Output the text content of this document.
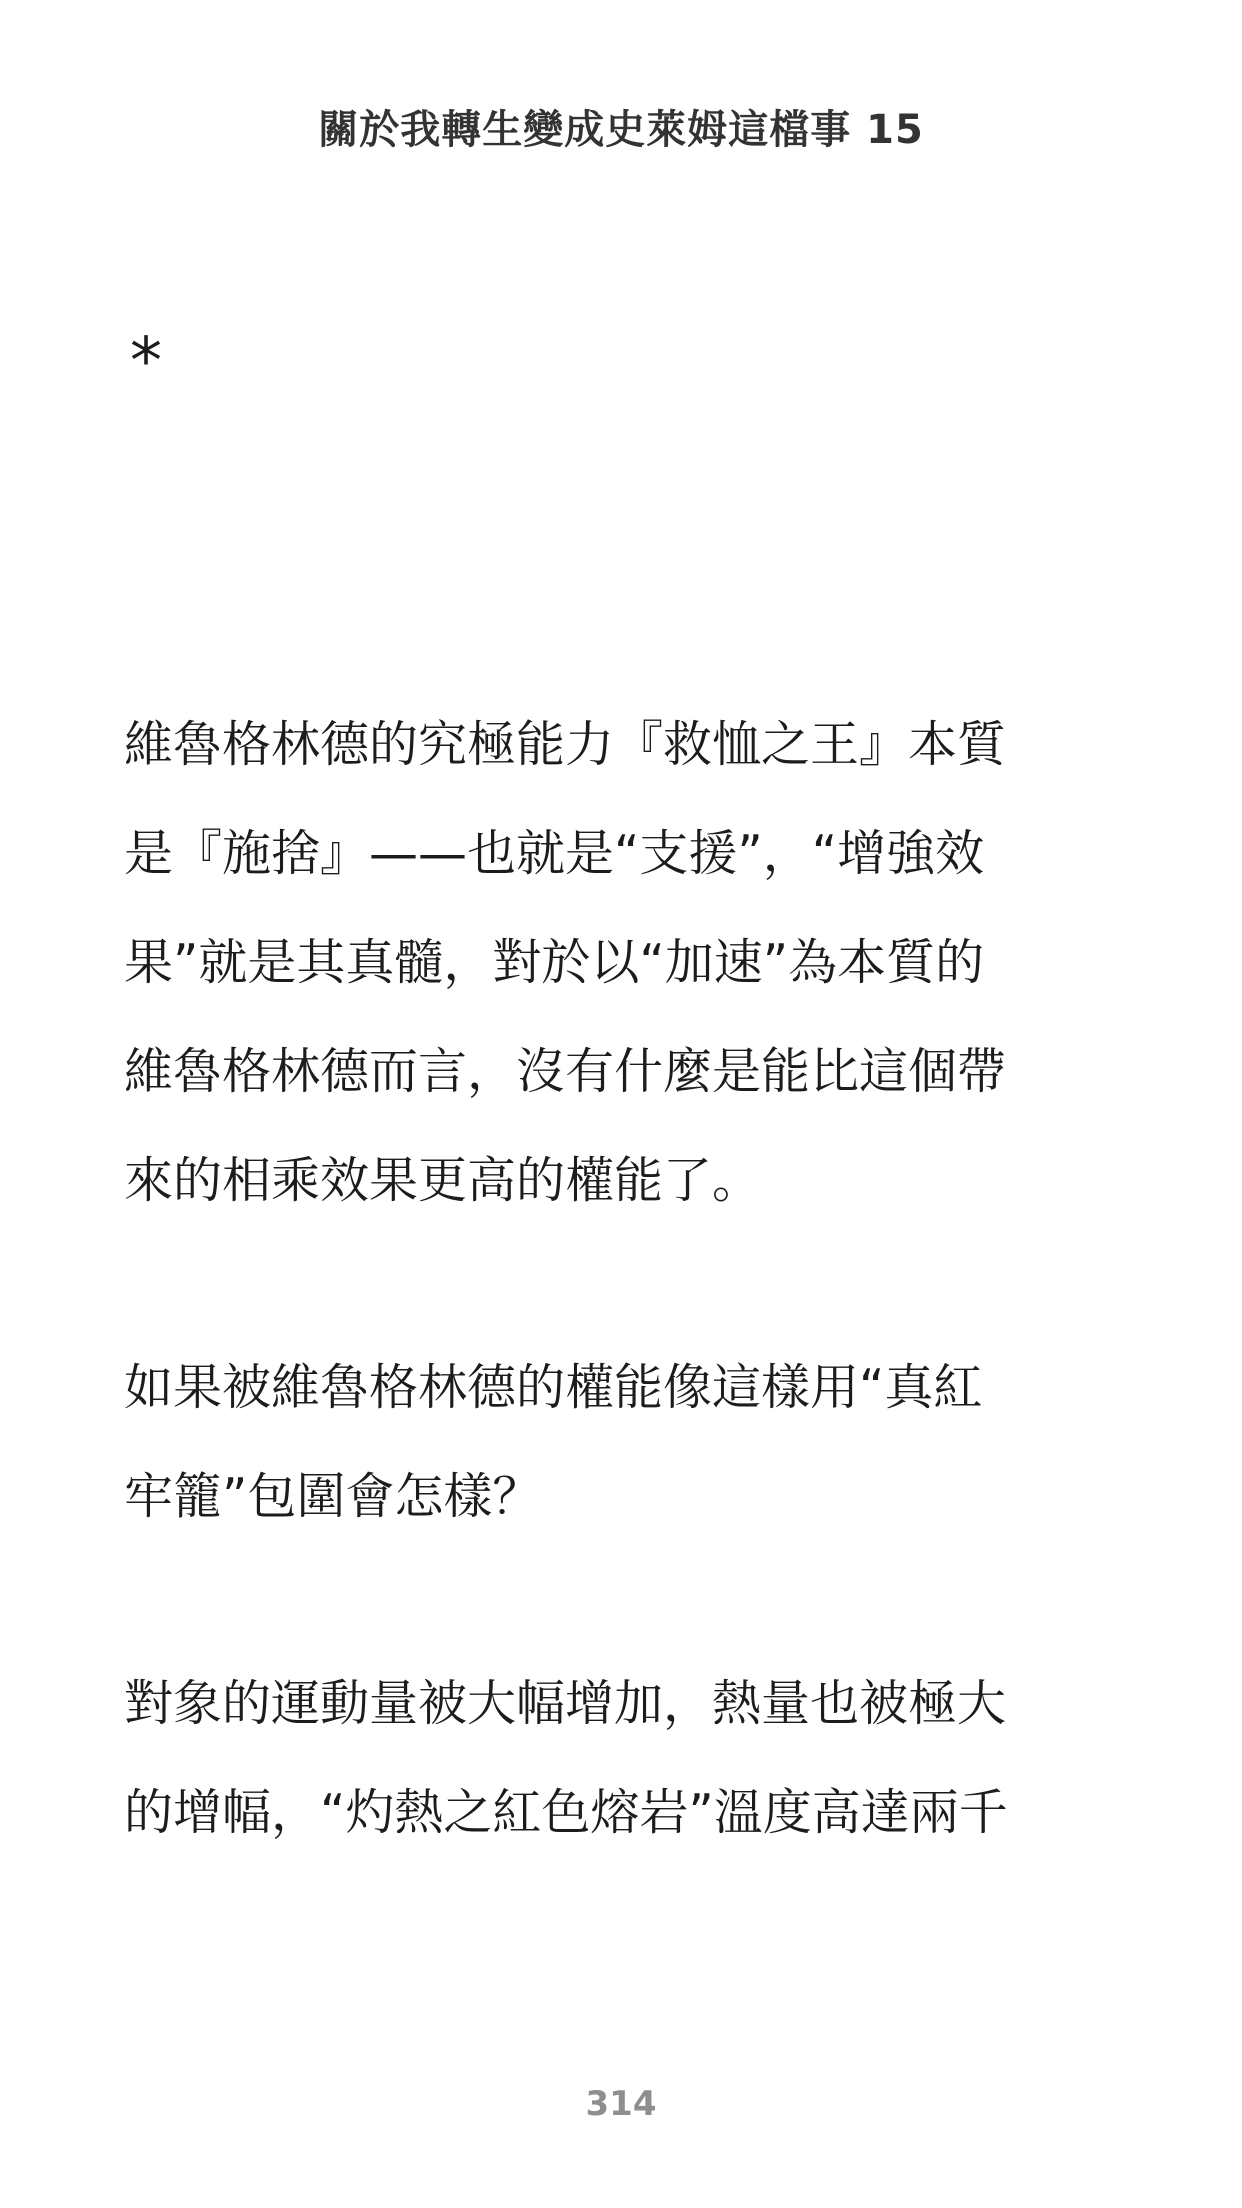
關於我轉生變成史萊姆這檔事 15
*
維魯格林德的究極能力『救恤之王』本質
是『施捨』——也就是“支援”，“增強效
果”就是其真髓，對於以“加速”為本質的
維魯格林德而言，沒有什麼是能比這個帶
來的相乘效果更高的權能了。
如果被維魯格林德的權能像這樣用“真紅
牢籠”包圍會怎樣？
對象的運動量被大幅增加，熱量也被極大
的增幅，“灼熱之紅色熔岩”溫度高達兩千
314
